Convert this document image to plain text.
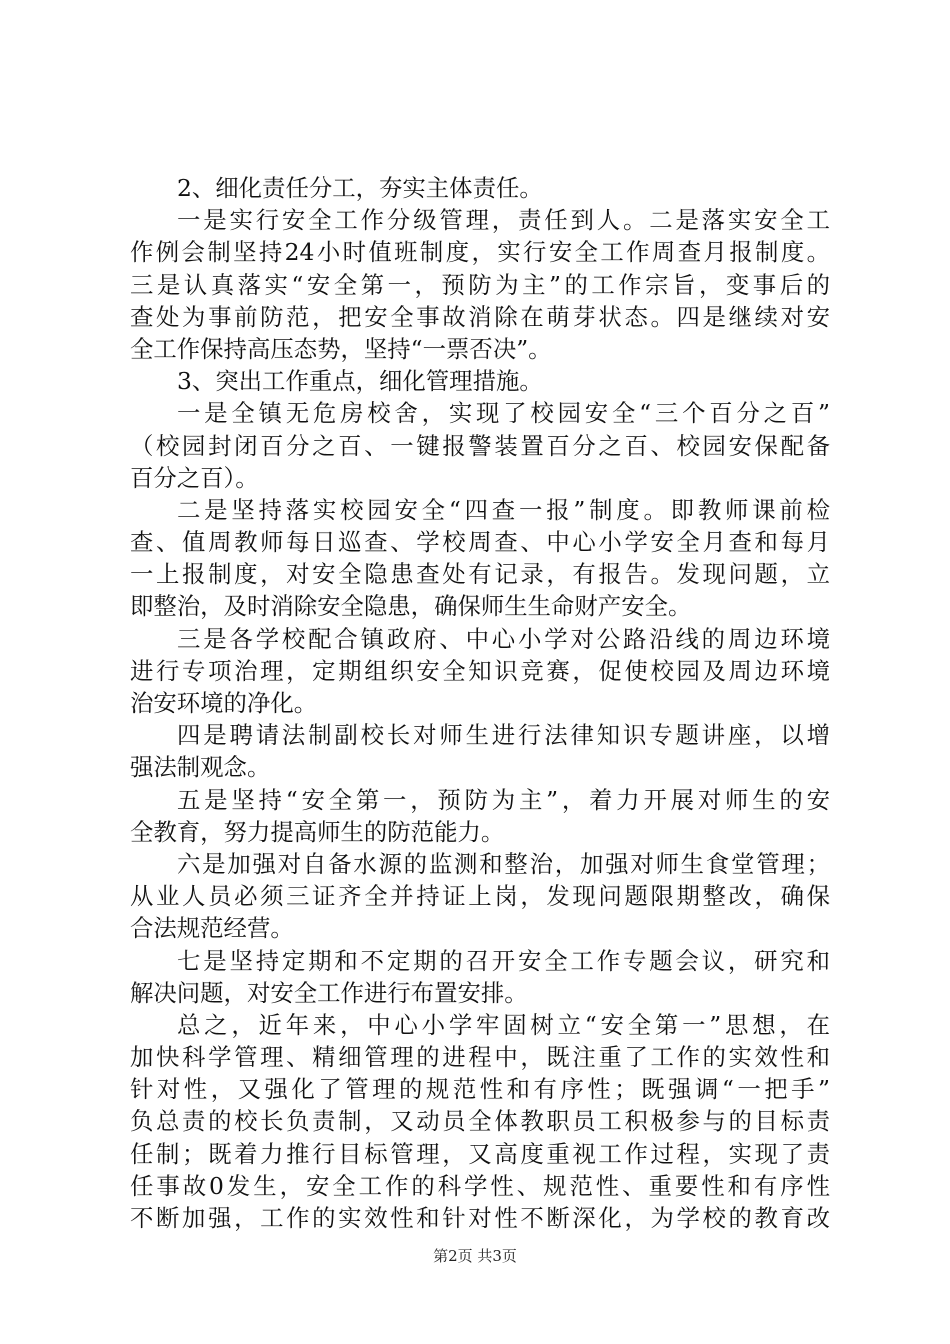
2、细化责任分工，夯实主体责任。
一是实行安全工作分级管理，责任到人。二是落实安全工
作例会制坚持24小时值班制度，实行安全工作周查月报制度。
三是认真落实“安全第一，预防为主”的工作宗旨，变事后的
查处为事前防范，把安全事故消除在萌芽状态。四是继续对安
全工作保持高压态势，坚持“一票否决”。
3、突出工作重点，细化管理措施。
一是全镇无危房校舍，实现了校园安全“三个百分之百”
（校园封闭百分之百、一键报警装置百分之百、校园安保配备
百分之百）。
二是坚持落实校园安全“四查一报”制度。即教师课前检
查、值周教师每日巡查、学校周查、中心小学安全月查和每月
一上报制度，对安全隐患查处有记录，有报告。发现问题，立
即整治，及时消除安全隐患，确保师生生命财产安全。
三是各学校配合镇政府、中心小学对公路沿线的周边环境
进行专项治理，定期组织安全知识竞赛，促使校园及周边环境
治安环境的净化。
四是聘请法制副校长对师生进行法律知识专题讲座，以增
强法制观念。
五是坚持“安全第一，预防为主”，着力开展对师生的安
全教育，努力提高师生的防范能力。
六是加强对自备水源的监测和整治，加强对师生食堂管理；
从业人员必须三证齐全并持证上岗，发现问题限期整改，确保
合法规范经营。
七是坚持定期和不定期的召开安全工作专题会议，研究和
解决问题，对安全工作进行布置安排。
总之，近年来，中心小学牢固树立“安全第一”思想，在
加快科学管理、精细管理的进程中，既注重了工作的实效性和
针对性，又强化了管理的规范性和有序性；既强调“一把手”
负总责的校长负责制，又动员全体教职员工积极参与的目标责
任制；既着力推行目标管理，又高度重视工作过程，实现了责
任事故0发生，安全工作的科学性、规范性、重要性和有序性
不断加强，工作的实效性和针对性不断深化，为学校的教育改
第2页 共3页
